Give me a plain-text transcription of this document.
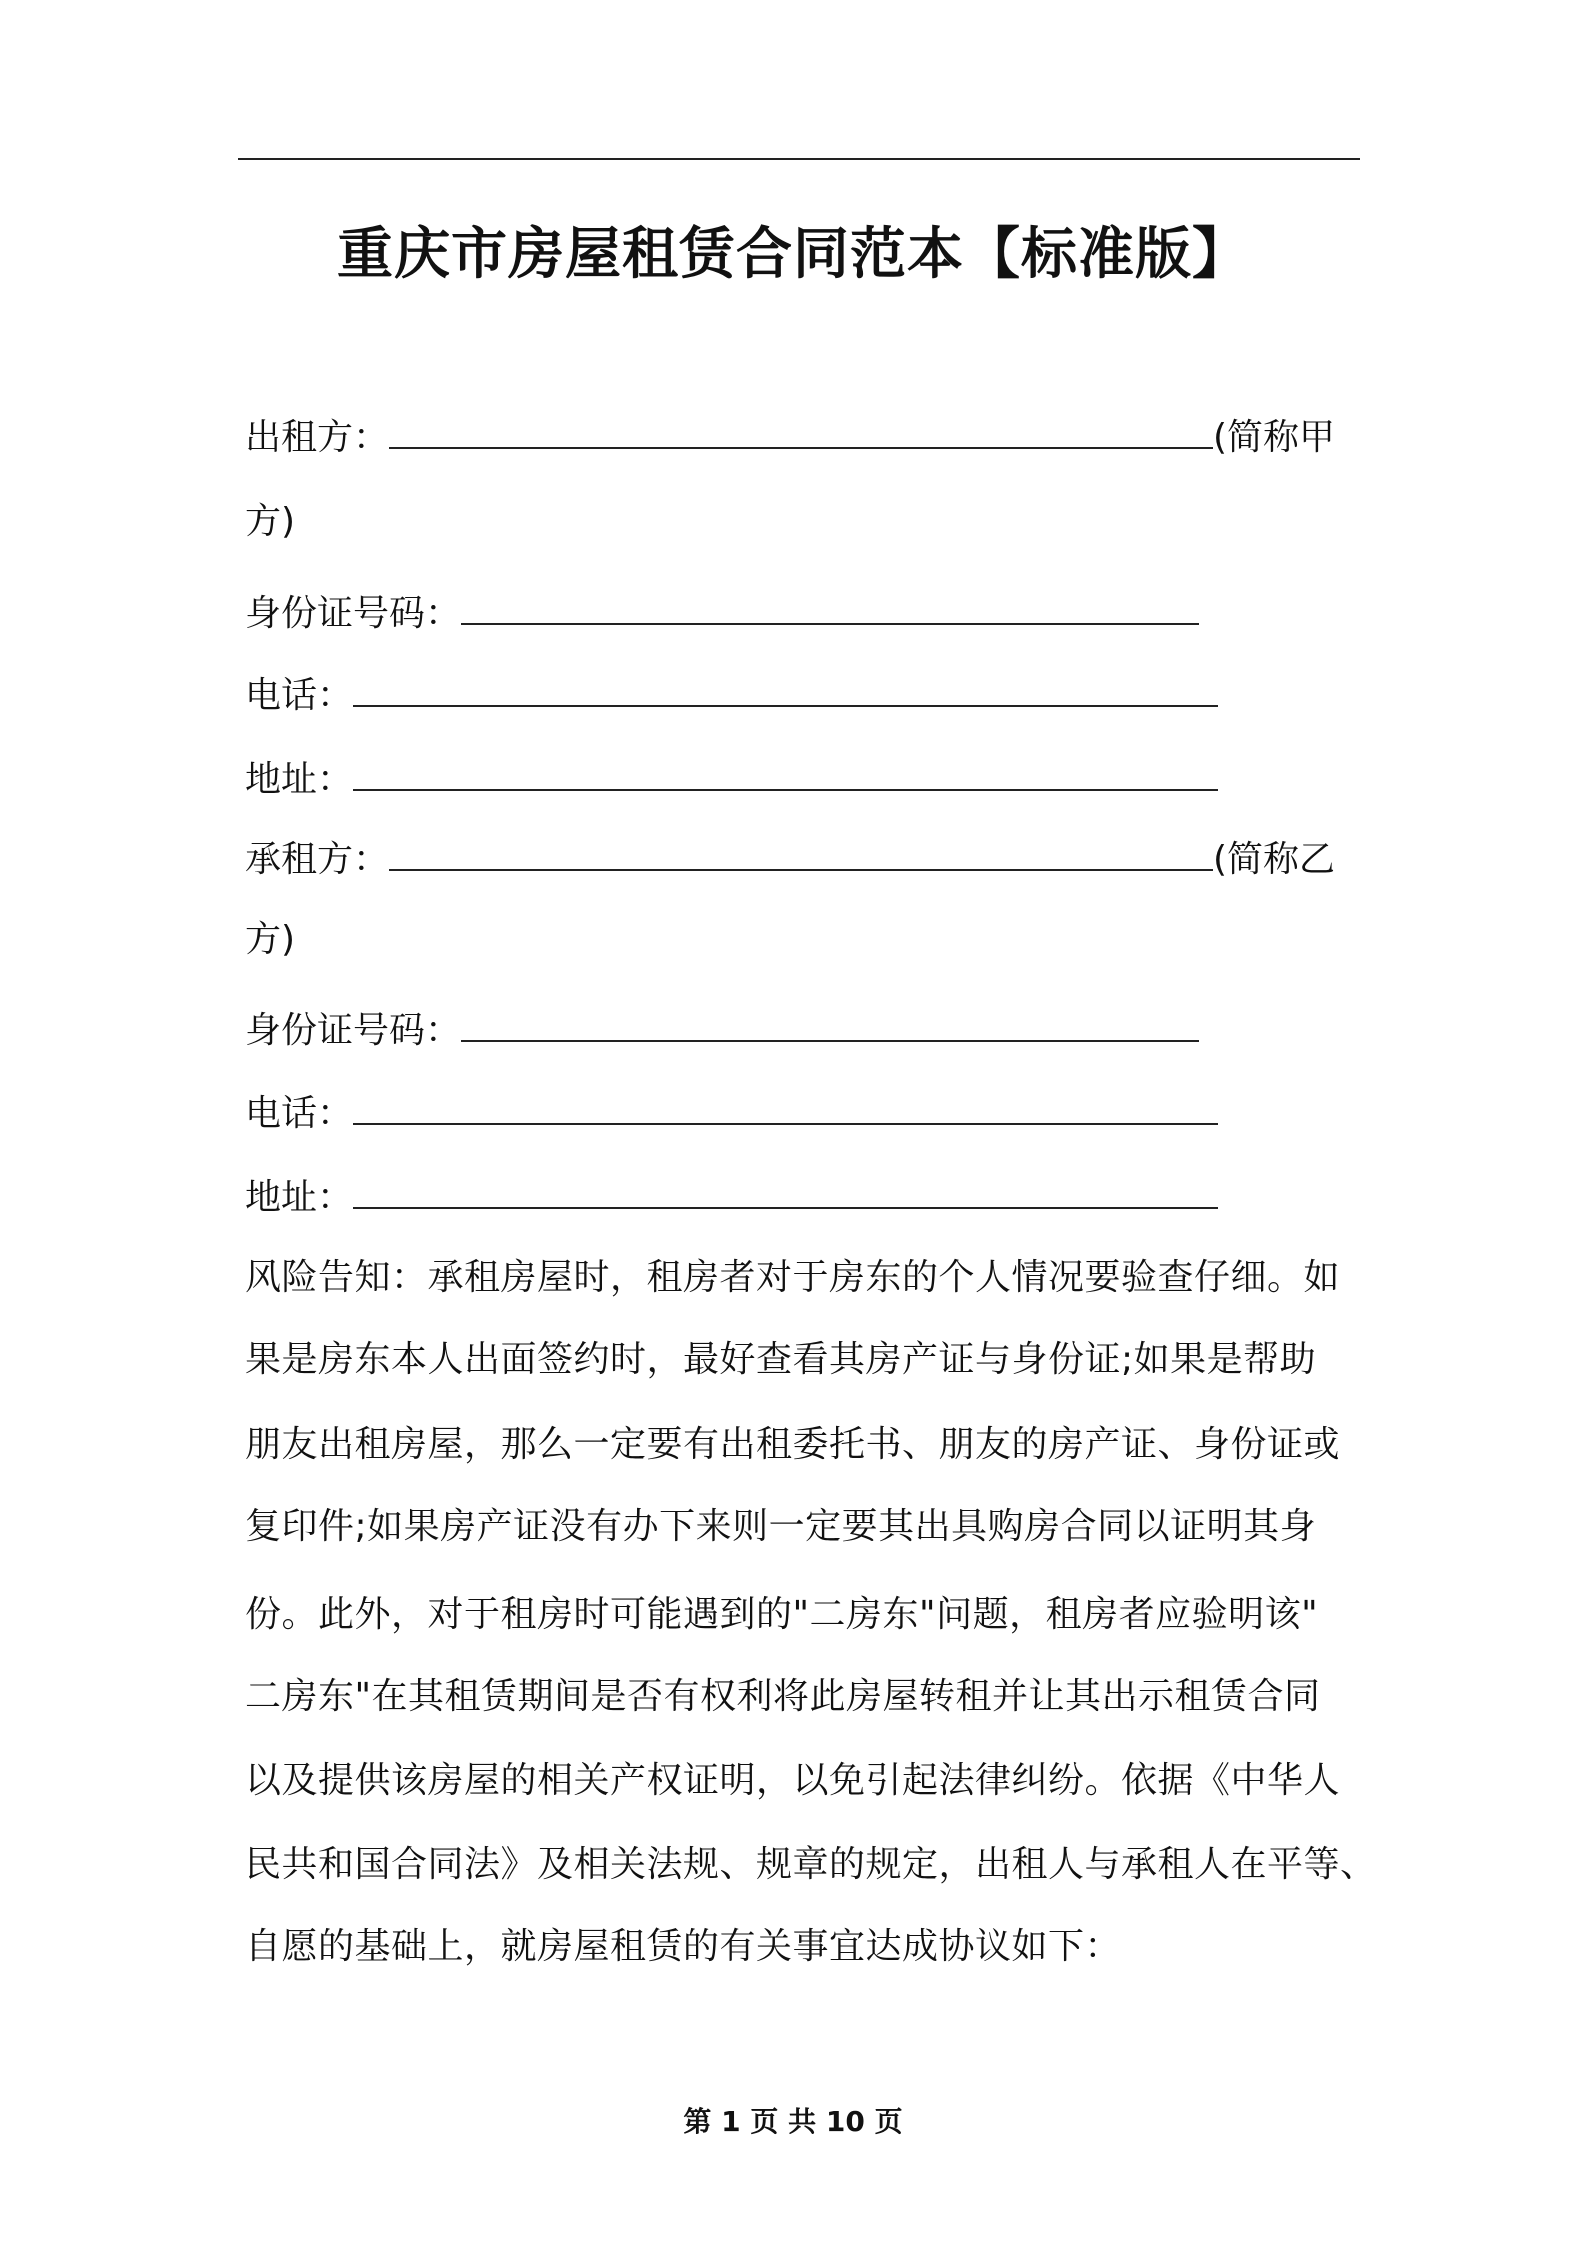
重庆市房屋租赁合同范本【标准版】
出租方：	(简称甲
方)
身份证号码：
电话：
地址：
承租方：	(简称乙
方)
身份证号码：
电话：
地址：
风险告知：承租房屋时，租房者对于房东的个人情况要验查仔细。如
果是房东本人出面签约时，最好查看其房产证与身份证;如果是帮助
朋友出租房屋，那么一定要有出租委托书、朋友的房产证、身份证或
复印件;如果房产证没有办下来则一定要其出具购房合同以证明其身
份。此外，对于租房时可能遇到的"二房东"问题，租房者应验明该"
二房东"在其租赁期间是否有权利将此房屋转租并让其出示租赁合同
以及提供该房屋的相关产权证明，以免引起法律纠纷。依据《中华人
民共和国合同法》及相关法规、规章的规定，出租人与承租人在平等、
自愿的基础上，就房屋租赁的有关事宜达成协议如下：
第 1 页 共 10 页
